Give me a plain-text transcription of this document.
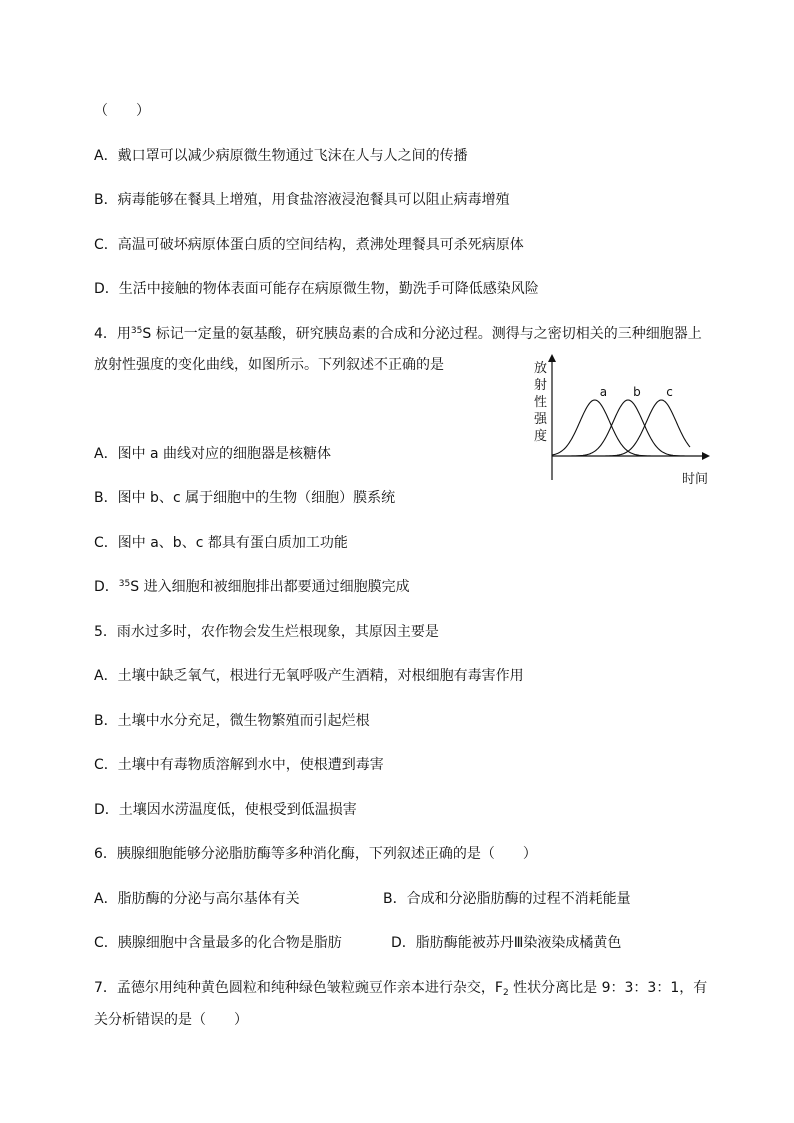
（　　）
A．戴口罩可以减少病原微生物通过飞沫在人与人之间的传播
B．病毒能够在餐具上增殖，用食盐溶液浸泡餐具可以阻止病毒增殖
C．高温可破坏病原体蛋白质的空间结构，煮沸处理餐具可杀死病原体
D．生活中接触的物体表面可能存在病原微生物，勤洗手可降低感染风险
4．用$^{35}$S 标记一定量的氨基酸，研究胰岛素的合成和分泌过程。测得与之密切相关的三种细胞器上
放射性强度的变化曲线，如图所示。下列叙述不正确的是	放
射
性
强
度
时间
a b c
A．图中 a 曲线对应的细胞器是核糖体
B．图中 b、c 属于细胞中的生物（细胞）膜系统
C．图中 a、b、c 都具有蛋白质加工功能
D．$^{35}$S 进入细胞和被细胞排出都要通过细胞膜完成
5．雨水过多时，农作物会发生烂根现象，其原因主要是
A．土壤中缺乏氧气，根进行无氧呼吸产生酒精，对根细胞有毒害作用
B．土壤中水分充足，微生物繁殖而引起烂根
C．土壤中有毒物质溶解到水中，使根遭到毒害
D．土壤因水涝温度低，使根受到低温损害
6．胰腺细胞能够分泌脂肪酶等多种消化酶，下列叙述正确的是（　　）
A．脂肪酶的分泌与高尔基体有关	B．合成和分泌脂肪酶的过程不消耗能量
C．胰腺细胞中含量最多的化合物是脂肪	D．脂肪酶能被苏丹Ⅲ染液染成橘黄色
7．孟德尔用纯种黄色圆粒和纯种绿色皱粒豌豆作亲本进行杂交，$F_2$ 性状分离比是 9：3：3：1，有
关分析错误的是（　　）
